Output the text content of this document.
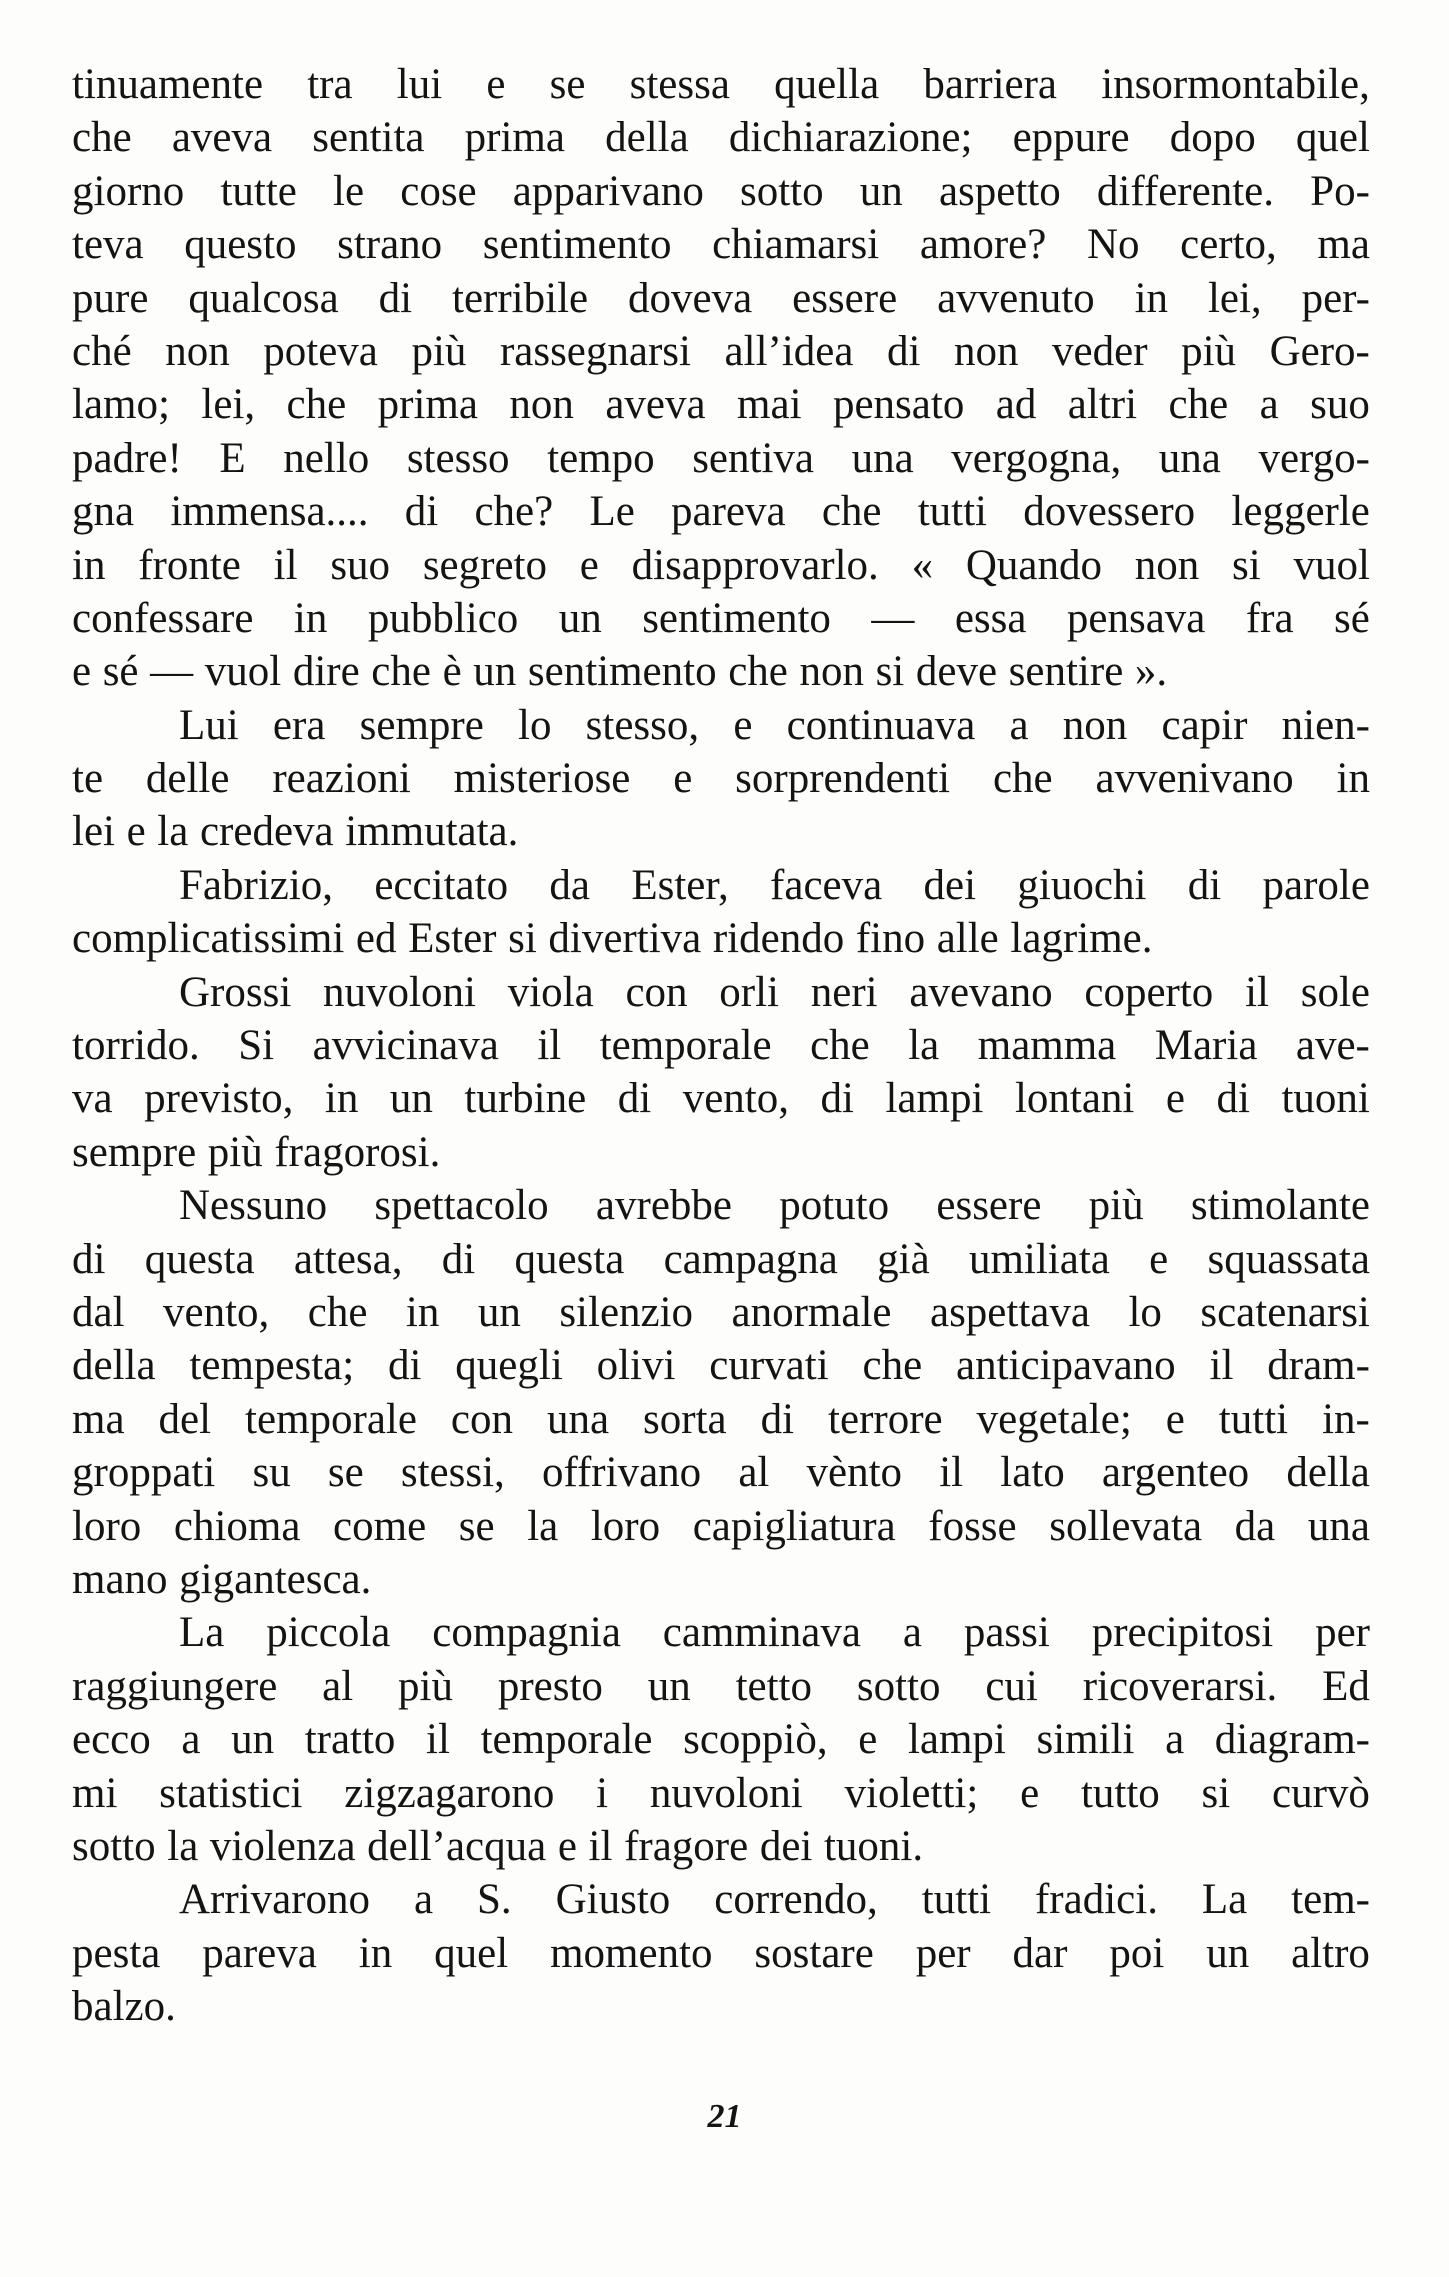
tinuamente tra lui e se stessa quella barriera insormontabile,
che aveva sentita prima della dichiarazione; eppure dopo quel
giorno tutte le cose apparivano sotto un aspetto differente. Po-
teva questo strano sentimento chiamarsi amore? No certo, ma
pure qualcosa di terribile doveva essere avvenuto in lei, per-
ché non poteva più rassegnarsi all’idea di non veder più Gero-
lamo; lei, che prima non aveva mai pensato ad altri che a suo
padre! E nello stesso tempo sentiva una vergogna, una vergo-
gna immensa.... di che? Le pareva che tutti dovessero leggerle
in fronte il suo segreto e disapprovarlo. « Quando non si vuol
confessare in pubblico un sentimento — essa pensava fra sé
e sé — vuol dire che è un sentimento che non si deve sentire ».
Lui era sempre lo stesso, e continuava a non capir nien-
te delle reazioni misteriose e sorprendenti che avvenivano in
lei e la credeva immutata.
Fabrizio, eccitato da Ester, faceva dei giuochi di parole
complicatissimi ed Ester si divertiva ridendo fino alle lagrime.
Grossi nuvoloni viola con orli neri avevano coperto il sole
torrido. Si avvicinava il temporale che la mamma Maria ave-
va previsto, in un turbine di vento, di lampi lontani e di tuoni
sempre più fragorosi.
Nessuno spettacolo avrebbe potuto essere più stimolante
di questa attesa, di questa campagna già umiliata e squassata
dal vento, che in un silenzio anormale aspettava lo scatenarsi
della tempesta; di quegli olivi curvati che anticipavano il dram-
ma del temporale con una sorta di terrore vegetale; e tutti in-
groppati su se stessi, offrivano al vènto il lato argenteo della
loro chioma come se la loro capigliatura fosse sollevata da una
mano gigantesca.
La piccola compagnia camminava a passi precipitosi per
raggiungere al più presto un tetto sotto cui ricoverarsi. Ed
ecco a un tratto il temporale scoppiò, e lampi simili a diagram-
mi statistici zigzagarono i nuvoloni violetti; e tutto si curvò
sotto la violenza dell’acqua e il fragore dei tuoni.
Arrivarono a S. Giusto correndo, tutti fradici. La tem-
pesta pareva in quel momento sostare per dar poi un altro
balzo.
21
